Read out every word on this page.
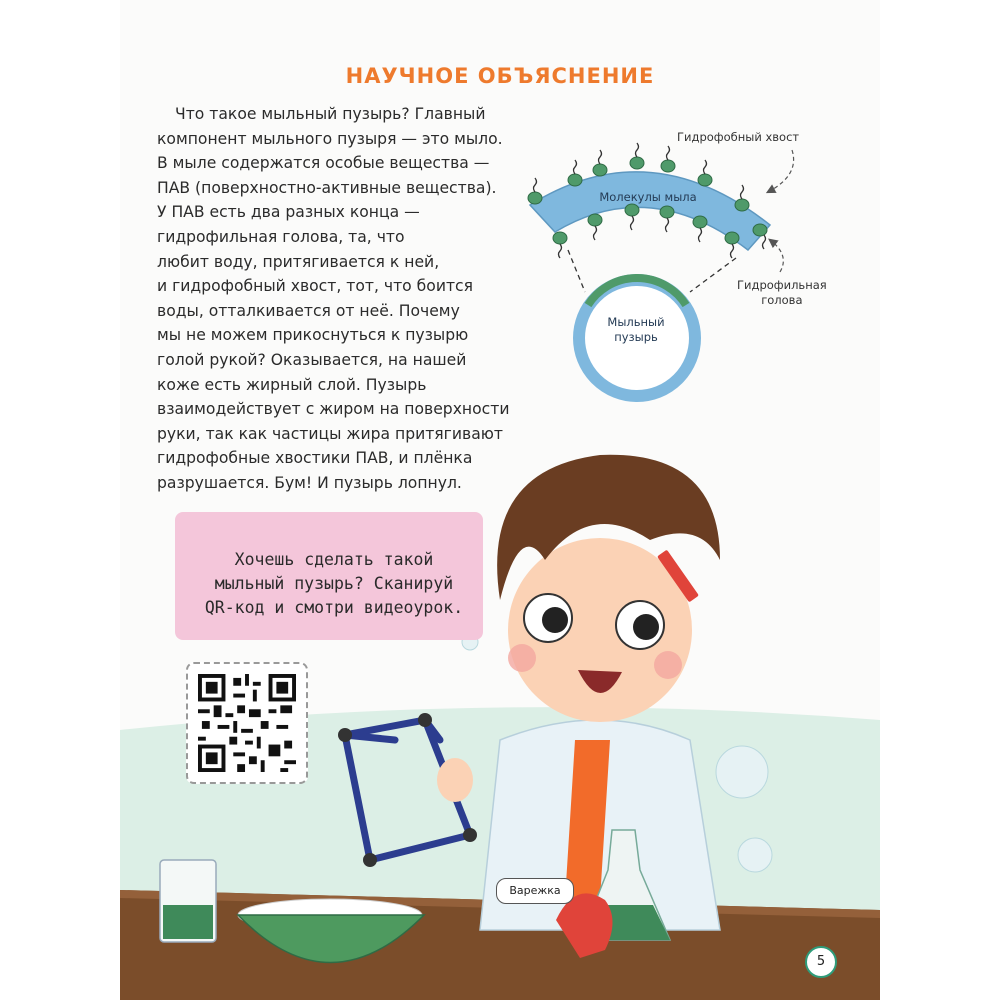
НАУЧНОЕ ОБЪЯСНЕНИЕ
Что такое мыльный пузырь? Главный
компонент мыльного пузыря — это мыло.
В мыле содержатся особые вещества —
ПАВ (поверхностно-активные вещества).
У ПАВ есть два разных конца —
гидрофильная голова, та, что
любит воду, притягивается к ней,
и гидрофобный хвост, тот, что боится
воды, отталкивается от неё. Почему
мы не можем прикоснуться к пузырю
голой рукой? Оказывается, на нашей
коже есть жирный слой. Пузырь
взаимодействует с жиром на поверхности
руки, так как частицы жира притягивают
гидрофобные хвостики ПАВ, и плёнка
разрушается. Бум! И пузырь лопнул.
Гидрофобный хвост
Молекулы мыла
Гидрофильная
голова
Мыльный
пузырь
Хочешь сделать такой
мыльный пузырь? Сканируй
QR-код и смотри видеоурок.
Варежка
5
